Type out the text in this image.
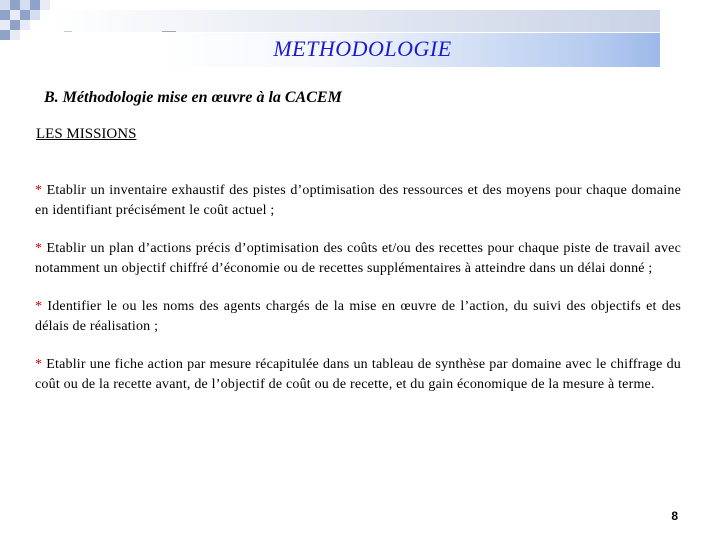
METHODOLOGIE
B. Méthodologie mise en œuvre à la CACEM
LES MISSIONS

* Etablir un inventaire exhaustif des pistes d’optimisation des ressources et des moyens pour chaque domaine en identifiant précisément le coût actuel ;

* Etablir un plan d’actions précis d’optimisation des coûts et/ou des recettes pour chaque piste de travail avec notamment un objectif chiffré d’économie ou de recettes supplémentaires à atteindre dans un délai donné ;

* Identifier le ou les noms des agents chargés de la mise en œuvre de l’action, du suivi des objectifs et des délais de réalisation ;

* Etablir une fiche action par mesure récapitulée dans un tableau de synthèse par domaine avec le chiffrage du coût ou de la recette avant, de l’objectif de coût ou de recette, et du gain économique de la mesure à terme.

8
